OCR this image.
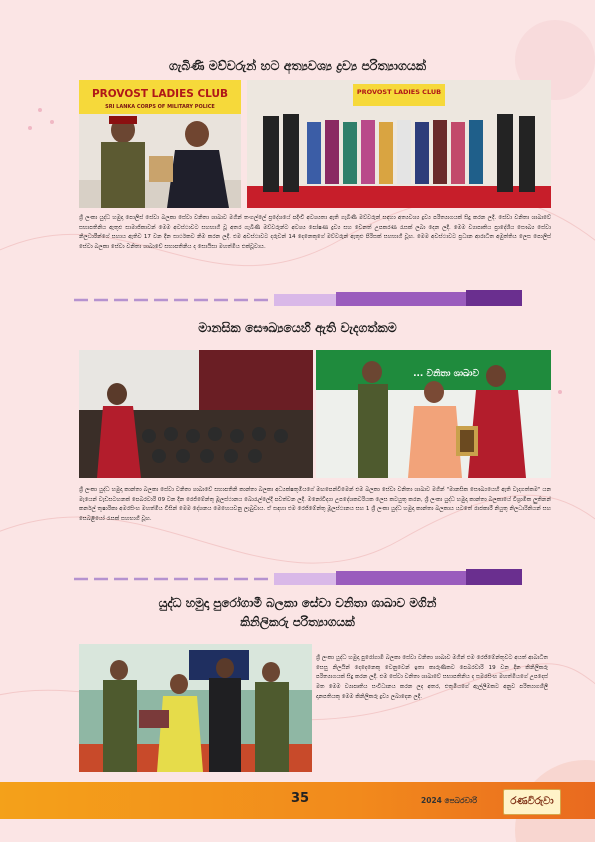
ගැබිණි මව්වරුන් හට අත්‍යවශ්‍ය ද්‍රව්‍ය පරිත්‍යාගයක්
PROVOST LADIES CLUB
SRI LANKA CORPS OF MILITARY POLICE
PROVOST LADIES CLUB
ශ්‍රී ලංකා යුද්ධ හමුදා පොලිස් සේවා බලකා සේවා වනිතා ශාඛාව මගින් තංගල්ලේ ප්‍රදේශයේ පදිංචි අවශ්‍යතා ඇති ගැබිණි මව්වරුන් සඳහා අත්‍යවශ්‍ය ද්‍රව්‍ය පරිත්‍යාගයක් සිදු කරන ලදී. සේවා වනිතා ශාඛාවේ සභාපතිනිය ඇතුළු සාමාජිකාවන් මෙම අවස්ථාවට සහභාගී වූ අතර ගැබිණි මව්වරුන්ට අවශ්‍ය පෝෂණ ද්‍රව්‍ය සහ වෙනත් උපකරණ රැසක් ලබා දෙන ලදී. මෙම ව්‍යාපෘතිය ප්‍රාදේශීය සෞඛ්‍ය සේවා නිලධාරීන්ගේ සහාය ඇතිව 17 වන දින සාර්ථකව නිම කරන ලදී. එම අවස්ථාවට දරුවන් 14 දෙනෙකුගේ මව්වරුන් ඇතුළු පිරිසක් සහභාගී වූහ. මෙම අවස්ථාවට ප්‍රධාන ආරාධිත අමුත්තිය ලෙස පොලිස් සේවා බලකා සේවා වනිතා ශාඛාවේ සභාපතිනිය ද සොයිසා මහත්මිය එක්වූවාය.
මානසික සෞඛ්‍යයෙහි ඇති වැදගත්කම
... වනිතා ශාඛාව
ශ්‍රී ලංකා යුද්ධ හමුදා කාන්තා බලකා සේවා වනිතා ශාඛාවේ සභාපතිනි කාන්තා බලකා අධ්‍යක්ෂතුමියගේ මඟපෙන්වීමෙන් එම බලකා සේවා වනිතා ශාඛාව මගින් "මානසික සෞඛ්‍යයෙහි ඇති වැදගත්කම" යන මැයෙන් වැඩසටහනක් පෙබරවාරි 09 වන දින රෙජිමේන්තු මූලස්ථානය බොරැල්ලේදී පවත්වන ලදී. මනෝවිද්‍යා උපදේශකවරියක ලෙස කටයුතු කරන, ශ්‍රී ලංකා යුද්ධ හමුදා කාන්තා බලකායේ විශ්‍රාමික ලුතිනන් කර්නල් තුෂාරිකා අමරසිංහ මහත්මිය විසින් මෙම දේශනය මෙහෙයවනු ලැබුවාය. ඒ සඳහා එම රෙජිමේන්තු මූලස්ථානය සහ 1 ශ්‍රී ලංකා යුද්ධ හමුදා කාන්තා බලකාය යටතේ රාජකාරී නියුතු නිලධාරිනියන් සහ සෙබළියෝ රැසක් සහභාගී වූහ.
යුද්ධ හමුදා පුරෝගාමී බලකා සේවා වනිතා ශාඛාව මගින්
කිනිලිකරු පරිත්‍යාගයක්
ශ්‍රී ලංකා යුද්ධ හමුදා පුරෝගාමී බලකා සේවා වනිතා ශාඛාව මගින් එම රෙජිමේන්තුවට අයත් ආබාධිත සෙසු නිලයින් දෙදෙනෙකු වෙනුවෙන් ඉතා කාරුණිකව පෙබරවාරි 19 වන දින කිනිලිකරු පරිත්‍යාගයක් සිදු කරන ලදී. එම සේවා වනිතා ශාඛාවේ සභාපතිනිය ද සමරසිංහ මහත්මියගේ උපදෙස් මත මෙම ව්‍යාපෘතිය සංවිධානය කරන ලද අතර, එතුමියගේ ඇල්ලීමකට අනුව පරිත්‍යාගශීලී දානපතියකු මෙම කිනිලිකරු ද්‍රව්‍ය ලබාදෙන ලදී.
35	2024 පෙබරවාරි	රණවිරුවා
